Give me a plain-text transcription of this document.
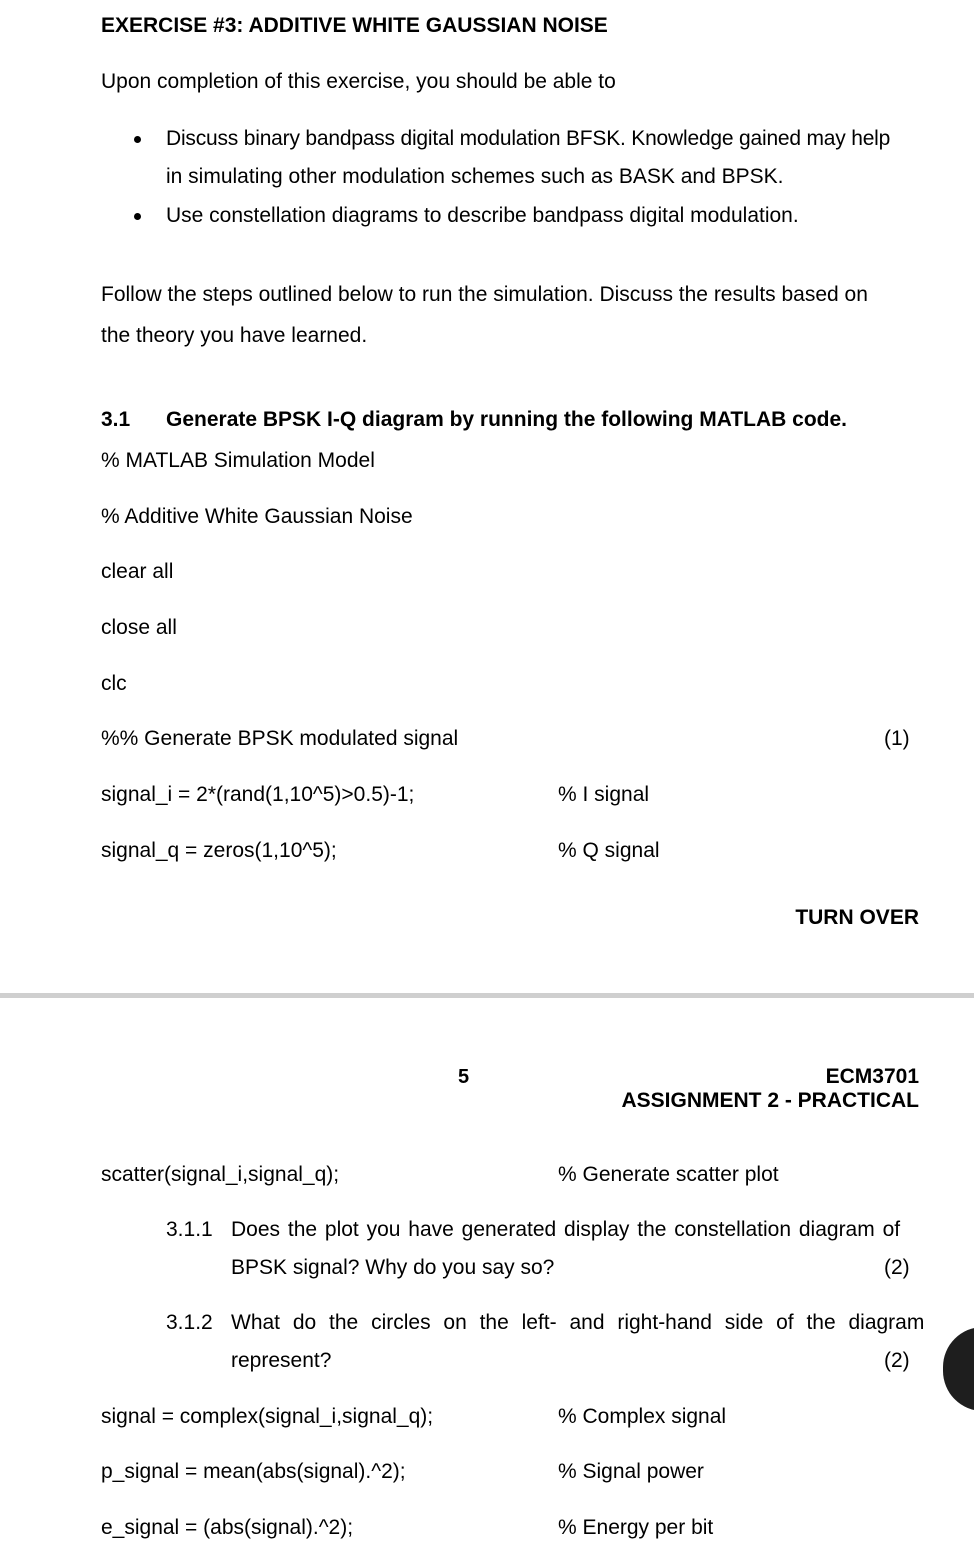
EXERCISE #3: ADDITIVE WHITE GAUSSIAN NOISE
Upon completion of this exercise, you should be able to
Discuss binary bandpass digital modulation BFSK. Knowledge gained may help
in simulating other modulation schemes such as BASK and BPSK.
Use constellation diagrams to describe bandpass digital modulation.
Follow the steps outlined below to run the simulation. Discuss the results based on
the theory you have learned.
3.1 Generate BPSK I-Q diagram by running the following MATLAB code.
% MATLAB Simulation Model
% Additive White Gaussian Noise
clear all
close all
clc
%% Generate BPSK modulated signal	(1)
signal_i = 2*(rand(1,10^5)>0.5)-1;	% I signal
signal_q = zeros(1,10^5);	% Q signal
TURN OVER
5	ECM3701
ASSIGNMENT 2 - PRACTICAL
scatter(signal_i,signal_q);	% Generate scatter plot
3.1.1 Does the plot you have generated display the constellation diagram of
BPSK signal? Why do you say so?	(2)
3.1.2 What do the circles on the left- and right-hand side of the diagram
represent?	(2)
signal = complex(signal_i,signal_q);	% Complex signal
p_signal = mean(abs(signal).^2);	% Signal power
e_signal = (abs(signal).^2);	% Energy per bit
